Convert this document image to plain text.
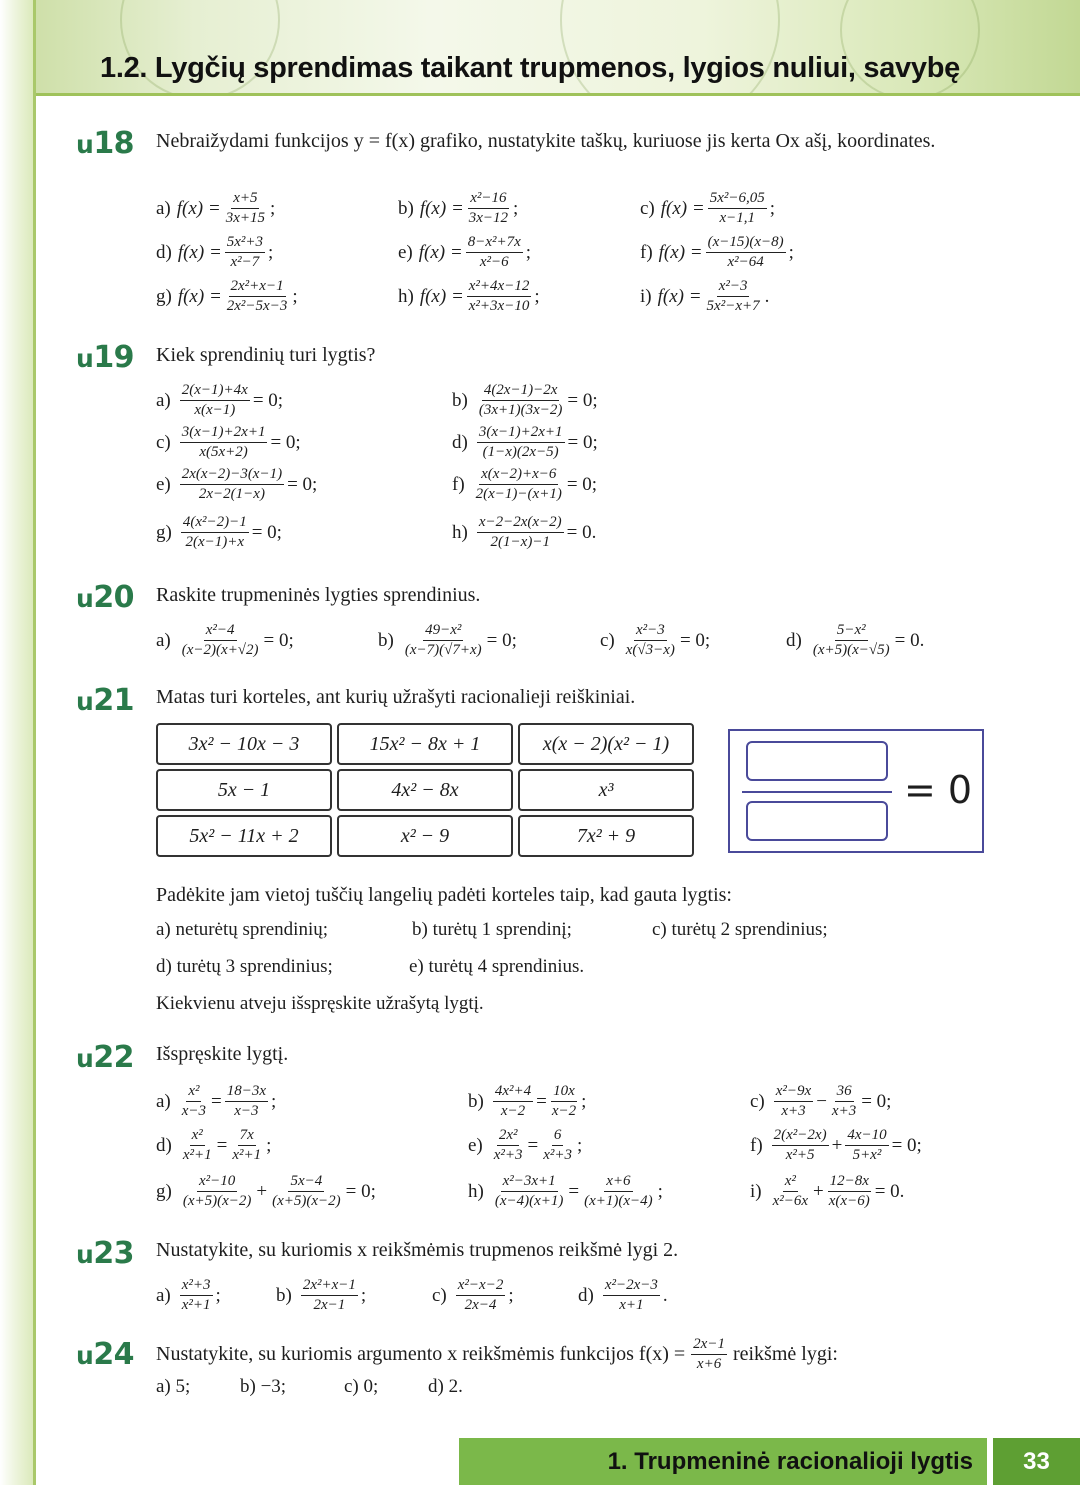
1.2. Lygčių sprendimas taikant trupmenos, lygios nuliui, savybę
u18 Nebraižydami funkcijos y = f(x) grafiko, nustatykite taškų, kuriuose jis kerta Ox ašį, koordinates.
a) $f(x) = \frac{x+5}{3x+15}$ ;	b) $f(x) = \frac{\text{x²−16}}{3x-12}$ ;	c) $f(x) = \frac{\text{5x²−6,05}}{x-1,1}$ ;
d) $f(x) = \frac{\text{5x²+3}}{\text{x²−7}}$ ;	e) $f(x) = \frac{\text{8−x²+7x}}{\text{x²−6}}$ ;	f) $f(x) = \frac{(x-15)(x-8)}{\text{x²−64}}$ ;
g) $f(x) = \frac{\text{2x²+x−1}}{\text{2x²−5x−3}}$ ;	h) $f(x) = \frac{\text{x²+4x−12}}{\text{x²+3x−10}}$ ;	i) $f(x) = \frac{\text{x²−3}}{\text{5x²−x+7}}$ .
u19 Kiek sprendinių turi lygtis?
$a) \frac{2(x-1)+4x}{x(x-1)} = 0$;	$b) \frac{4(2x-1)-2x}{(3x+1)(3x-2)} = 0$;
$c) \frac{3(x-1)+2x+1}{x(5x+2)} = 0$;	$d) \frac{3(x-1)+2x+1}{(1-x)(2x-5)} = 0$;
$e) \frac{2x(x-2)-3(x-1)}{2x-2(1-x)} = 0$;	$f) \frac{x(x-2)+x-6}{2(x-1)-(x+1)} = 0$;
$g) \frac{\text{4(x²−2)−1}}{2(x-1)+x} = 0$;	$h) \frac{x-2-2x(x-2)}{2(1-x)-1} = 0$.
u20 Raskite trupmeninės lygties sprendinius.
$a) \frac{\text{x²−4}}{(x-2)(x+√2)} = 0$;	$b) \frac{\text{49−x²}}{(x-7)(√7+x)} = 0$;	$c) \frac{\text{x²−3}}{x(√3-x)} = 0$;	$d) \frac{\text{5−x²}}{(x+5)(x-√5)} = 0$.
u21 Matas turi korteles, ant kurių užrašyti racionalieji reiškiniai.
3x² − 10x − 3	15x² − 8x + 1	x(x − 2)(x² − 1)
5x − 1	4x² − 8x	x³
5x² − 11x + 2	x² − 9	7x² + 9
= 0
Padėkite jam vietoj tuščių langelių padėti korteles taip, kad gauta lygtis:
a) neturėtų sprendinių;	b) turėtų 1 sprendinį;	c) turėtų 2 sprendinius;
d) turėtų 3 sprendinius;	e) turėtų 4 sprendinius.
Kiekvienu atveju išspręskite užrašytą lygtį.
u22 Išspręskite lygtį.
$a) \frac{\text{x²}}{x-3} = \frac{18-3x}{x-3}$ ;	$b) \frac{\text{4x²+4}}{x-2} = \frac{10x}{x-2}$ ;	$c) \frac{\text{x²−9x}}{x+3} - \frac{36}{x+3} = 0$;
$d) \frac{\text{x²}}{\text{x²+1}} = \frac{7x}{\text{x²+1}}$ ;	$e) \frac{\text{2x²}}{\text{x²+3}} = \frac{6}{\text{x²+3}}$ ;	$f) \frac{\text{2(x²−2x)}}{\text{x²+5}} + \frac{4x-10}{\text{5+x²}} = 0$;
$g) \frac{\text{x²−10}}{(x+5)(x-2)} + \frac{5x-4}{(x+5)(x-2)} = 0$;	$h) \frac{\text{x²−3x+1}}{(x-4)(x+1)} = \frac{x+6}{(x+1)(x-4)}$ ;	$i) \frac{\text{x²}}{\text{x²−6x}} + \frac{12-8x}{x(x-6)} = 0$.
u23 Nustatykite, su kuriomis x reikšmėmis trupmenos reikšmė lygi 2.
$a) \frac{\text{x²+3}}{\text{x²+1}}$ ;	$b) \frac{\text{2x²+x−1}}{2x-1}$ ;	$c) \frac{\text{x²−x−2}}{2x-4}$ ;	$d) \frac{\text{x²−2x−3}}{x+1}$ .
u24 Nustatykite, su kuriomis argumento x reikšmėmis funkcijos $f(x) = \frac{2x-1}{x+6}$ reikšmė lygi:
a) 5;	b) −3;	c) 0;	d) 2.
1. Trupmeninė racionalioji lygtis	33
